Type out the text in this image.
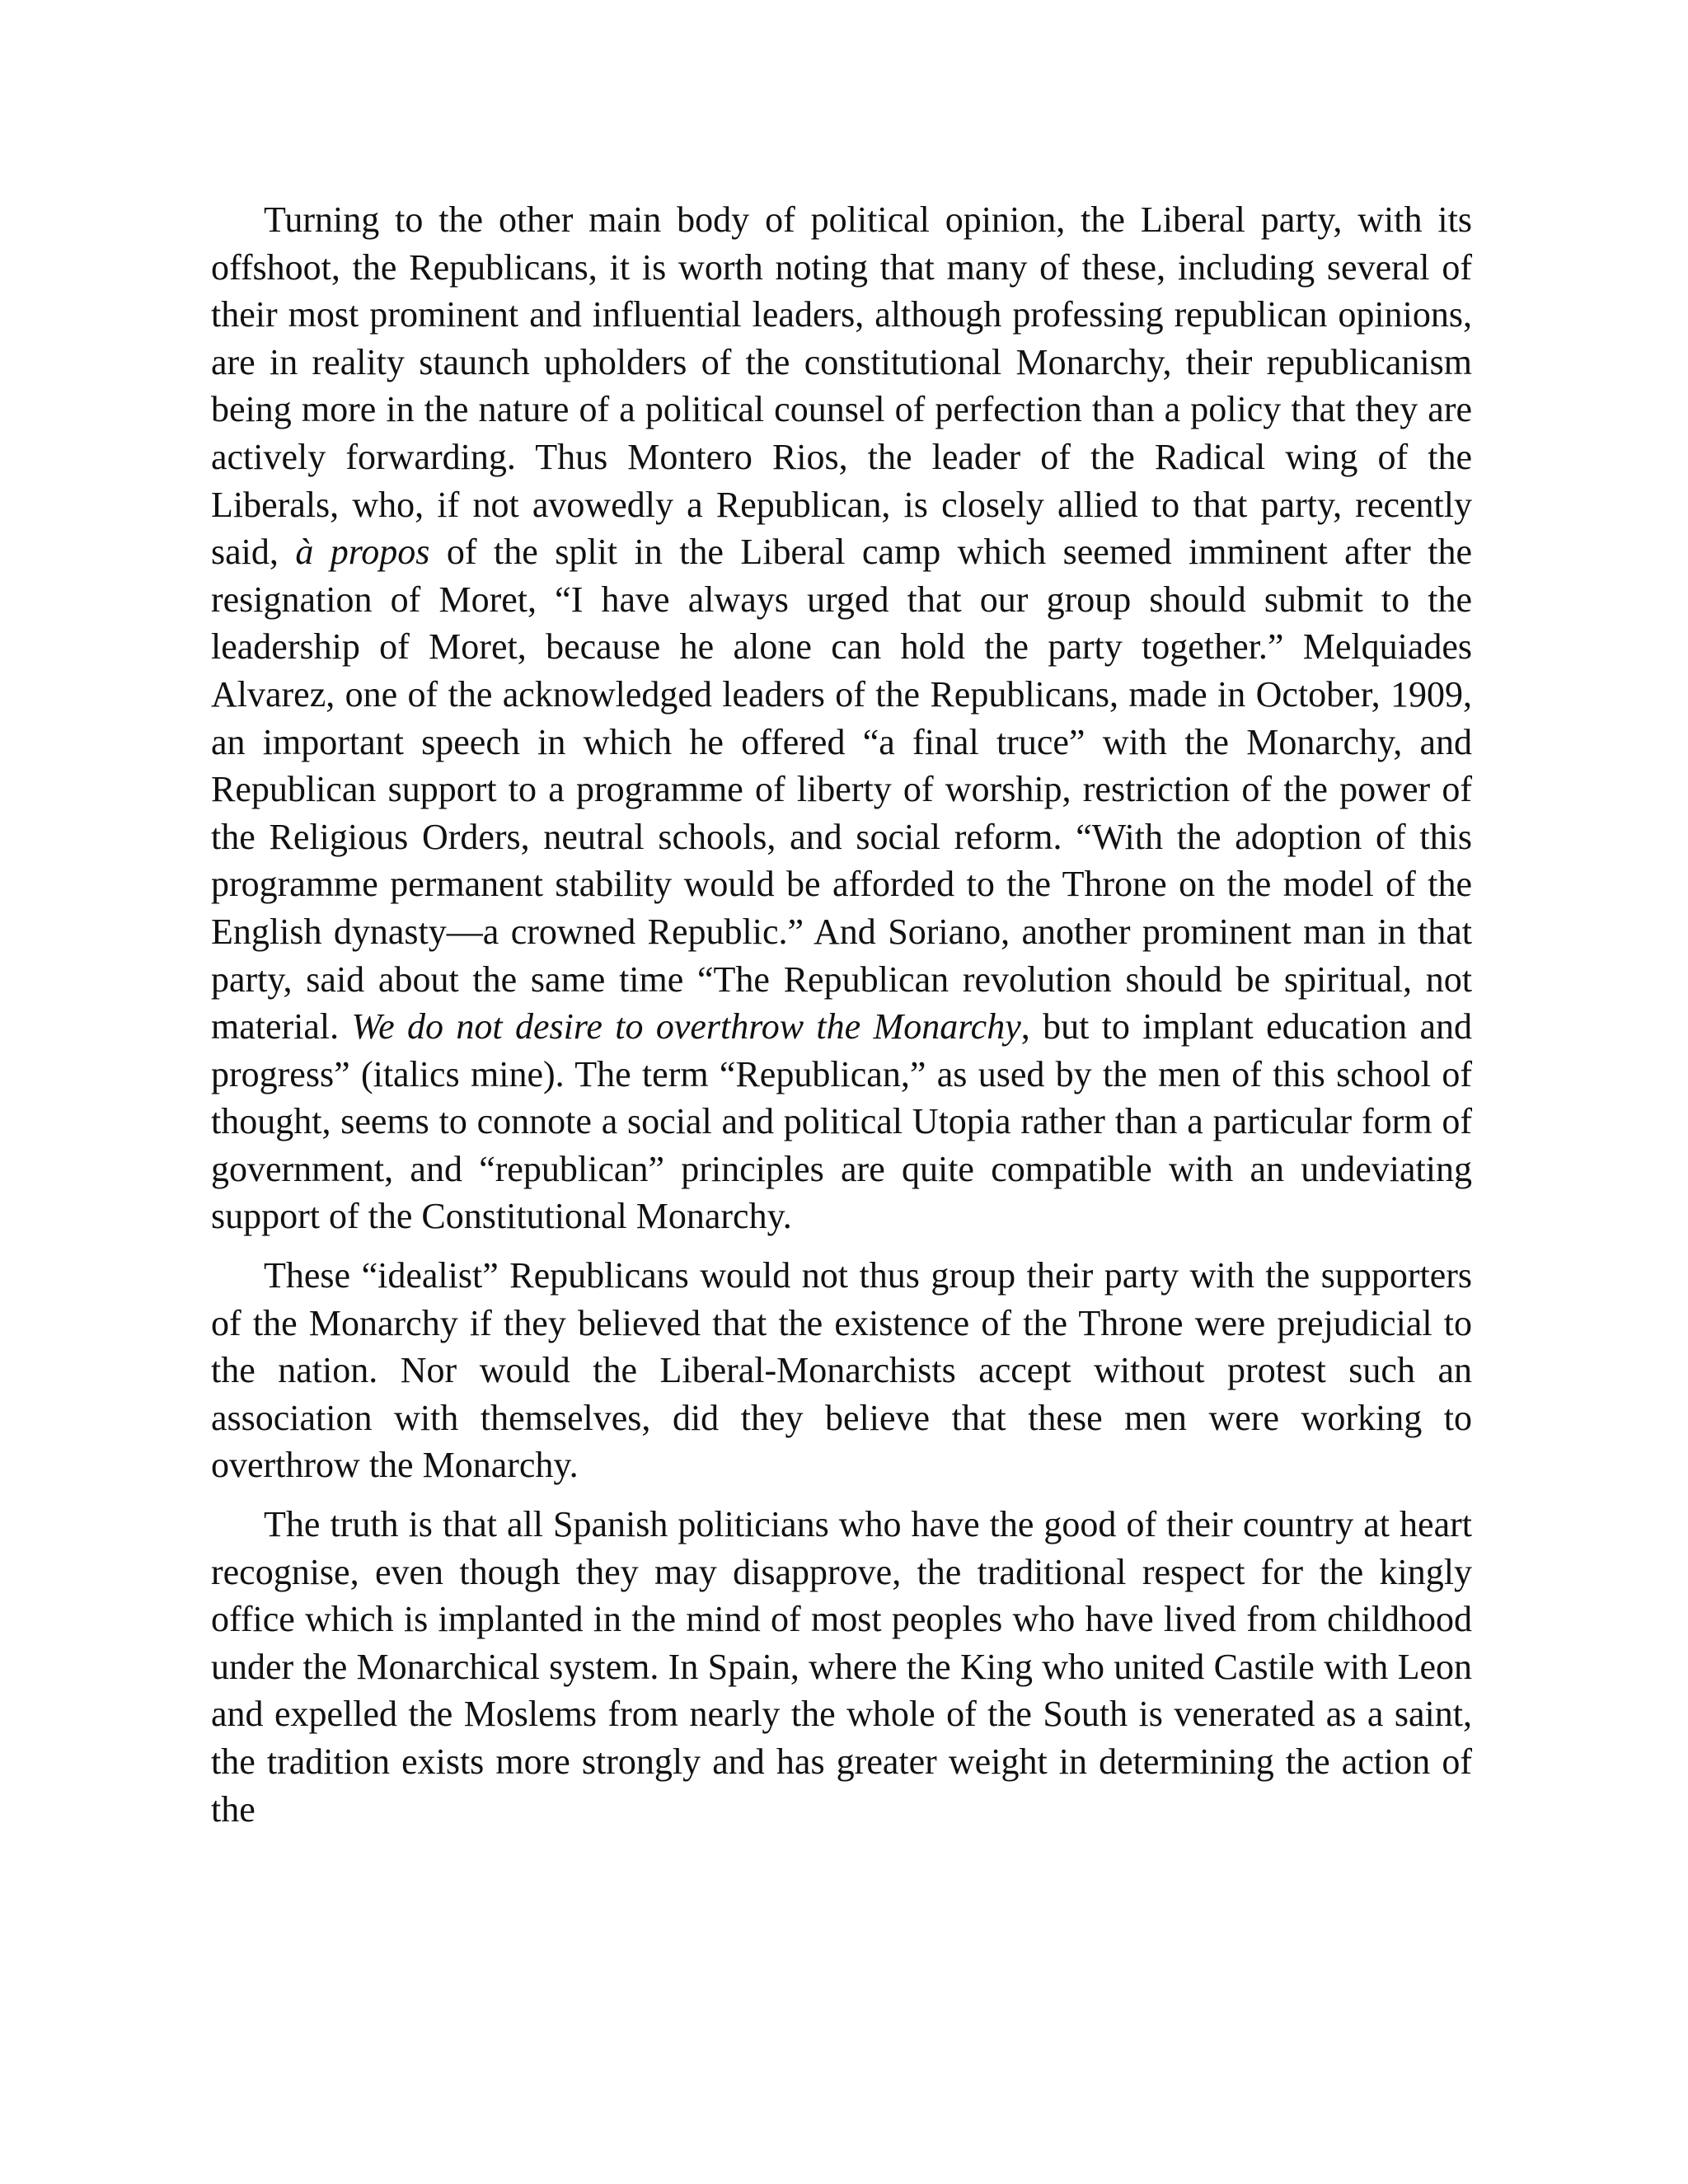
Turning to the other main body of political opinion, the Liberal party, with its offshoot, the Republicans, it is worth noting that many of these, including several of their most prominent and influential leaders, although professing republican opinions, are in reality staunch upholders of the constitutional Monarchy, their republicanism being more in the nature of a political counsel of perfection than a policy that they are actively forwarding. Thus Montero Rios, the leader of the Radical wing of the Liberals, who, if not avowedly a Republican, is closely allied to that party, recently said, à propos of the split in the Liberal camp which seemed imminent after the resignation of Moret, “I have always urged that our group should submit to the leadership of Moret, because he alone can hold the party together.” Melquiades Alvarez, one of the acknowledged leaders of the Republicans, made in October, 1909, an important speech in which he offered “a final truce” with the Monarchy, and Republican support to a programme of liberty of worship, restriction of the power of the Religious Orders, neutral schools, and social reform. “With the adoption of this programme permanent stability would be afforded to the Throne on the model of the English dynasty—a crowned Republic.” And Soriano, another prominent man in that party, said about the same time “The Republican revolution should be spiritual, not material. We do not desire to overthrow the Monarchy, but to implant education and progress” (italics mine). The term “Republican,” as used by the men of this school of thought, seems to connote a social and political Utopia rather than a particular form of government, and “republican” principles are quite compatible with an undeviating support of the Constitutional Monarchy.

These “idealist” Republicans would not thus group their party with the supporters of the Monarchy if they believed that the existence of the Throne were prejudicial to the nation. Nor would the Liberal-Monarchists accept without protest such an association with themselves, did they believe that these men were working to overthrow the Monarchy.

The truth is that all Spanish politicians who have the good of their country at heart recognise, even though they may disapprove, the traditional respect for the kingly office which is implanted in the mind of most peoples who have lived from childhood under the Monarchical system. In Spain, where the King who united Castile with Leon and expelled the Moslems from nearly the whole of the South is venerated as a saint, the tradition exists more strongly and has greater weight in determining the action of the
